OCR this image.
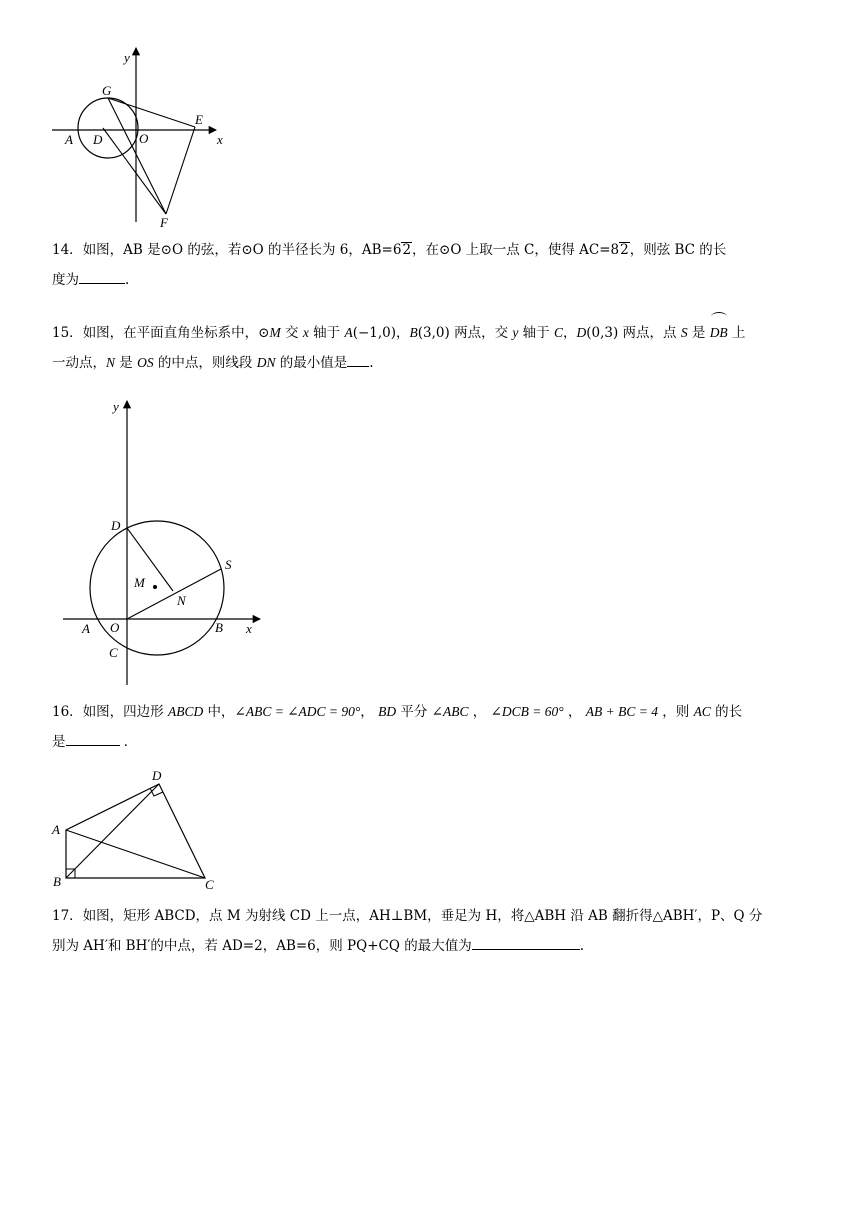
y
G
E
x
A D	O
F
14．如图，AB 是⊙O 的弦，若⊙O 的半径长为 6，AB=62，在⊙O 上取一点 C，使得 AC=82，则弦 BC 的长
度为	.
15．如图，在平面直角坐标系中，⊙M 交 x 轴于 A(−1,0)，B(3,0) 两点，交 y 轴于 C，D(0,3) 两点，点 S 是 DB 上
一动点，N 是 OS 的中点，则线段 DN 的最小值是 .
y
D
S
M
N
A O	B x
C
16．如图，四边形 ABCD 中，∠ABC = ∠ADC = 90°， BD 平分 ∠ABC ， ∠DCB = 60° ， AB + BC = 4 ，则 AC 的长
是	．
D
A
B	C
17．如图，矩形 ABCD，点 M 为射线 CD 上一点，AH⊥BM，垂足为 H，将△ABH 沿 AB 翻折得△ABH′，P、Q 分
别为 AH′和 BH′的中点，若 AD=2，AB=6，则 PQ+CQ 的最大值为	.
